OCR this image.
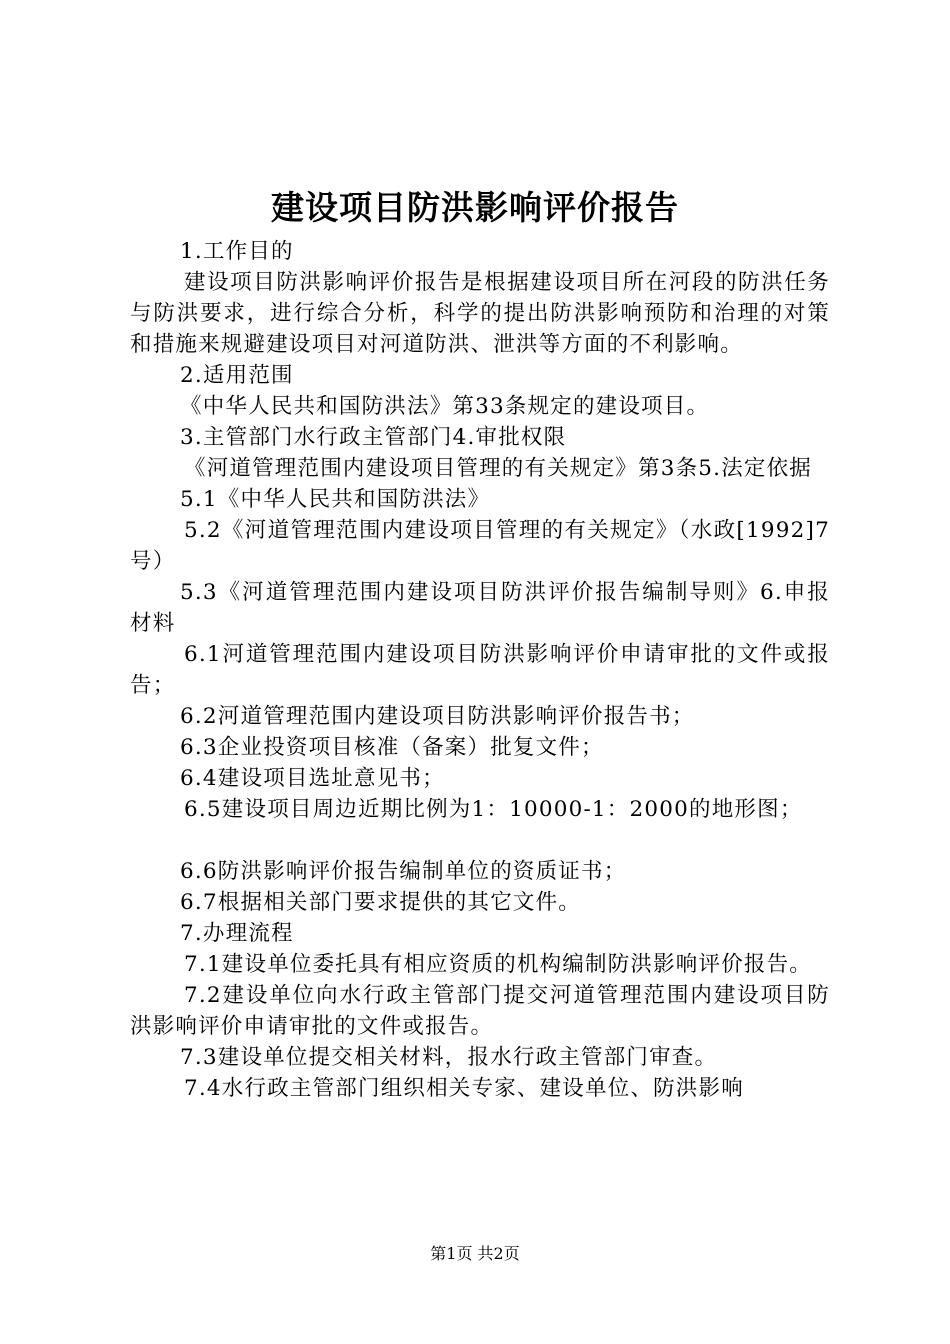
建设项目防洪影响评价报告

1.工作目的

建设项目防洪影响评价报告是根据建设项目所在河段的防洪任务与防洪要求，进行综合分析，科学的提出防洪影响预防和治理的对策和措施来规避建设项目对河道防洪、泄洪等方面的不利影响。

2.适用范围

《中华人民共和国防洪法》第33条规定的建设项目。

3.主管部门水行政主管部门4.审批权限

《河道管理范围内建设项目管理的有关规定》第3条5.法定依据

5.1《中华人民共和国防洪法》

5.2《河道管理范围内建设项目管理的有关规定》（水政[1992]7号）

5.3《河道管理范围内建设项目防洪评价报告编制导则》6.申报材料

6.1河道管理范围内建设项目防洪影响评价申请审批的文件或报告；

6.2河道管理范围内建设项目防洪影响评价报告书；

6.3企业投资项目核准（备案）批复文件；

6.4建设项目选址意见书；

6.5建设项目周边近期比例为1：10000-1：2000的地形图；

6.6防洪影响评价报告编制单位的资质证书；

6.7根据相关部门要求提供的其它文件。

7.办理流程

7.1建设单位委托具有相应资质的机构编制防洪影响评价报告。

7.2建设单位向水行政主管部门提交河道管理范围内建设项目防洪影响评价申请审批的文件或报告。

7.3建设单位提交相关材料，报水行政主管部门审查。

7.4水行政主管部门组织相关专家、建设单位、防洪影响

第1页 共2页
